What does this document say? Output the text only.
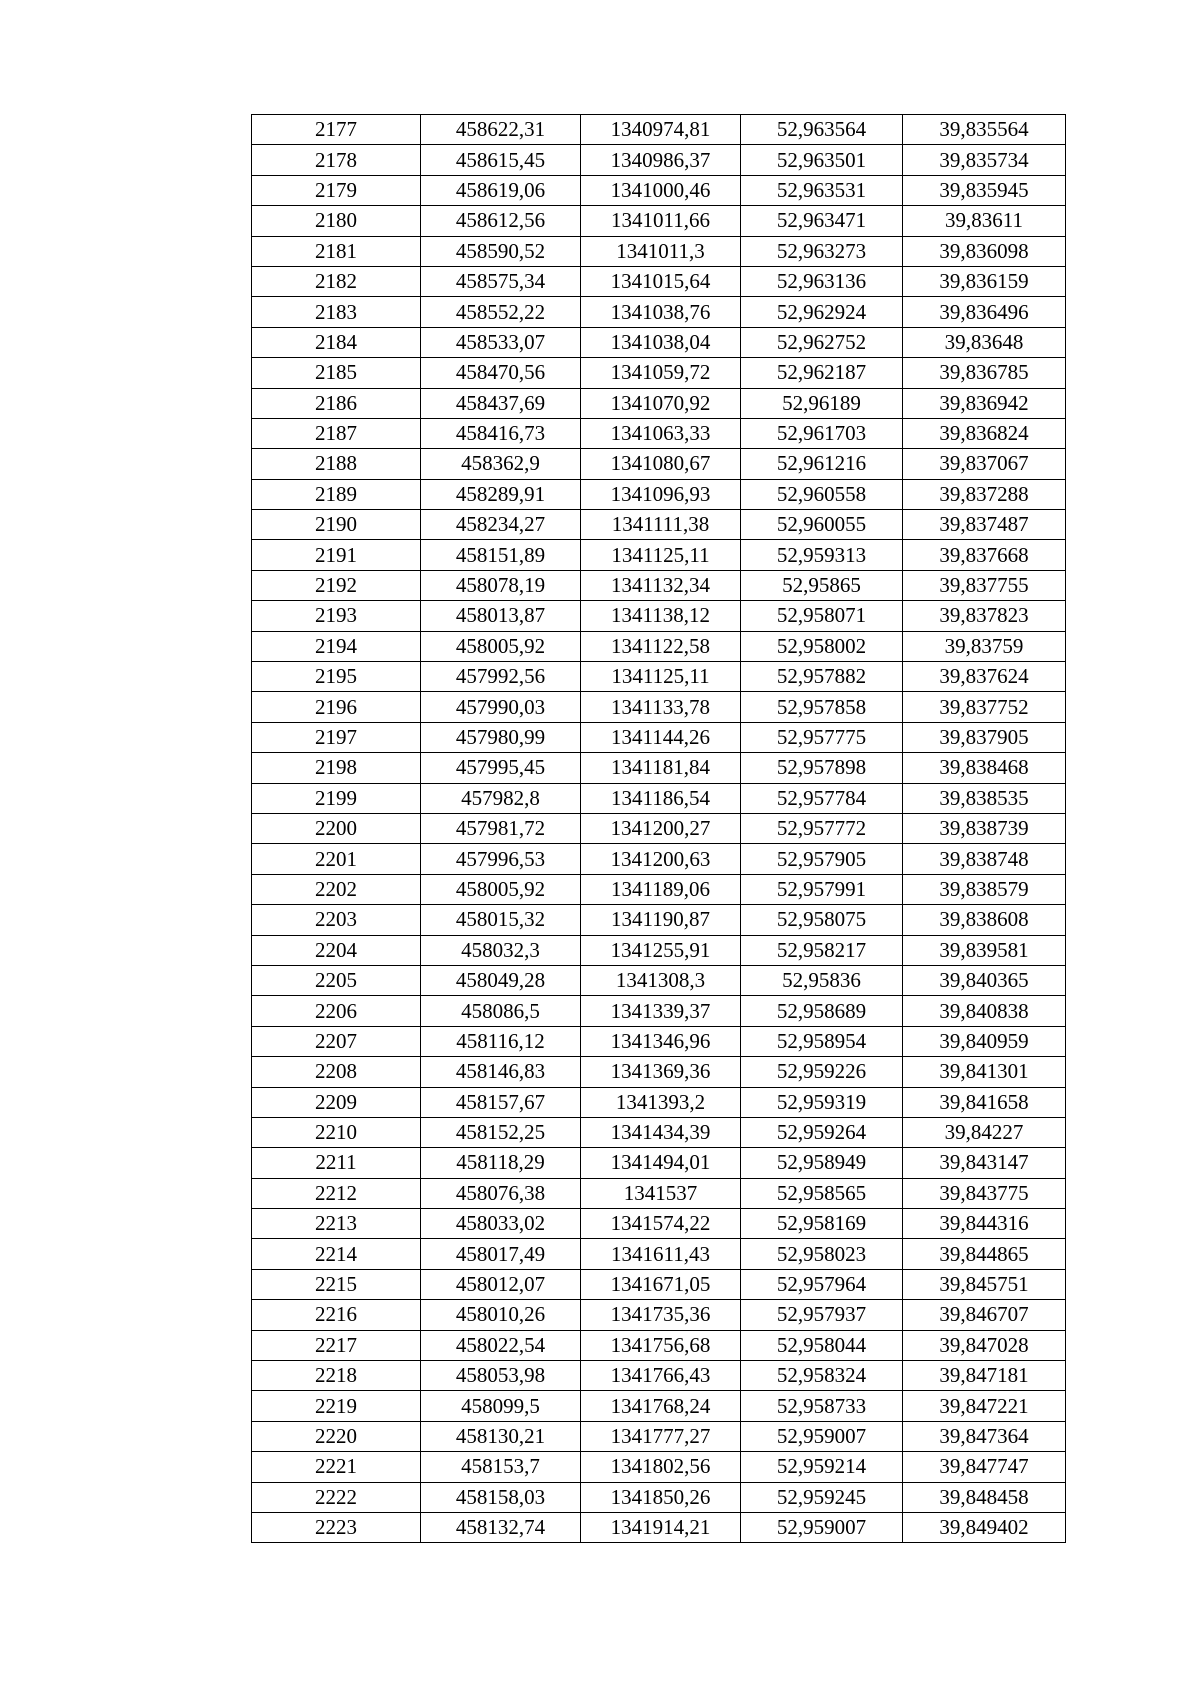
2177	458622,31	1340974,81	52,963564	39,835564
2178	458615,45	1340986,37	52,963501	39,835734
2179	458619,06	1341000,46	52,963531	39,835945
2180	458612,56	1341011,66	52,963471	39,83611
2181	458590,52	1341011,3	52,963273	39,836098
2182	458575,34	1341015,64	52,963136	39,836159
2183	458552,22	1341038,76	52,962924	39,836496
2184	458533,07	1341038,04	52,962752	39,83648
2185	458470,56	1341059,72	52,962187	39,836785
2186	458437,69	1341070,92	52,96189	39,836942
2187	458416,73	1341063,33	52,961703	39,836824
2188	458362,9	1341080,67	52,961216	39,837067
2189	458289,91	1341096,93	52,960558	39,837288
2190	458234,27	1341111,38	52,960055	39,837487
2191	458151,89	1341125,11	52,959313	39,837668
2192	458078,19	1341132,34	52,95865	39,837755
2193	458013,87	1341138,12	52,958071	39,837823
2194	458005,92	1341122,58	52,958002	39,83759
2195	457992,56	1341125,11	52,957882	39,837624
2196	457990,03	1341133,78	52,957858	39,837752
2197	457980,99	1341144,26	52,957775	39,837905
2198	457995,45	1341181,84	52,957898	39,838468
2199	457982,8	1341186,54	52,957784	39,838535
2200	457981,72	1341200,27	52,957772	39,838739
2201	457996,53	1341200,63	52,957905	39,838748
2202	458005,92	1341189,06	52,957991	39,838579
2203	458015,32	1341190,87	52,958075	39,838608
2204	458032,3	1341255,91	52,958217	39,839581
2205	458049,28	1341308,3	52,95836	39,840365
2206	458086,5	1341339,37	52,958689	39,840838
2207	458116,12	1341346,96	52,958954	39,840959
2208	458146,83	1341369,36	52,959226	39,841301
2209	458157,67	1341393,2	52,959319	39,841658
2210	458152,25	1341434,39	52,959264	39,84227
2211	458118,29	1341494,01	52,958949	39,843147
2212	458076,38	1341537	52,958565	39,843775
2213	458033,02	1341574,22	52,958169	39,844316
2214	458017,49	1341611,43	52,958023	39,844865
2215	458012,07	1341671,05	52,957964	39,845751
2216	458010,26	1341735,36	52,957937	39,846707
2217	458022,54	1341756,68	52,958044	39,847028
2218	458053,98	1341766,43	52,958324	39,847181
2219	458099,5	1341768,24	52,958733	39,847221
2220	458130,21	1341777,27	52,959007	39,847364
2221	458153,7	1341802,56	52,959214	39,847747
2222	458158,03	1341850,26	52,959245	39,848458
2223	458132,74	1341914,21	52,959007	39,849402
